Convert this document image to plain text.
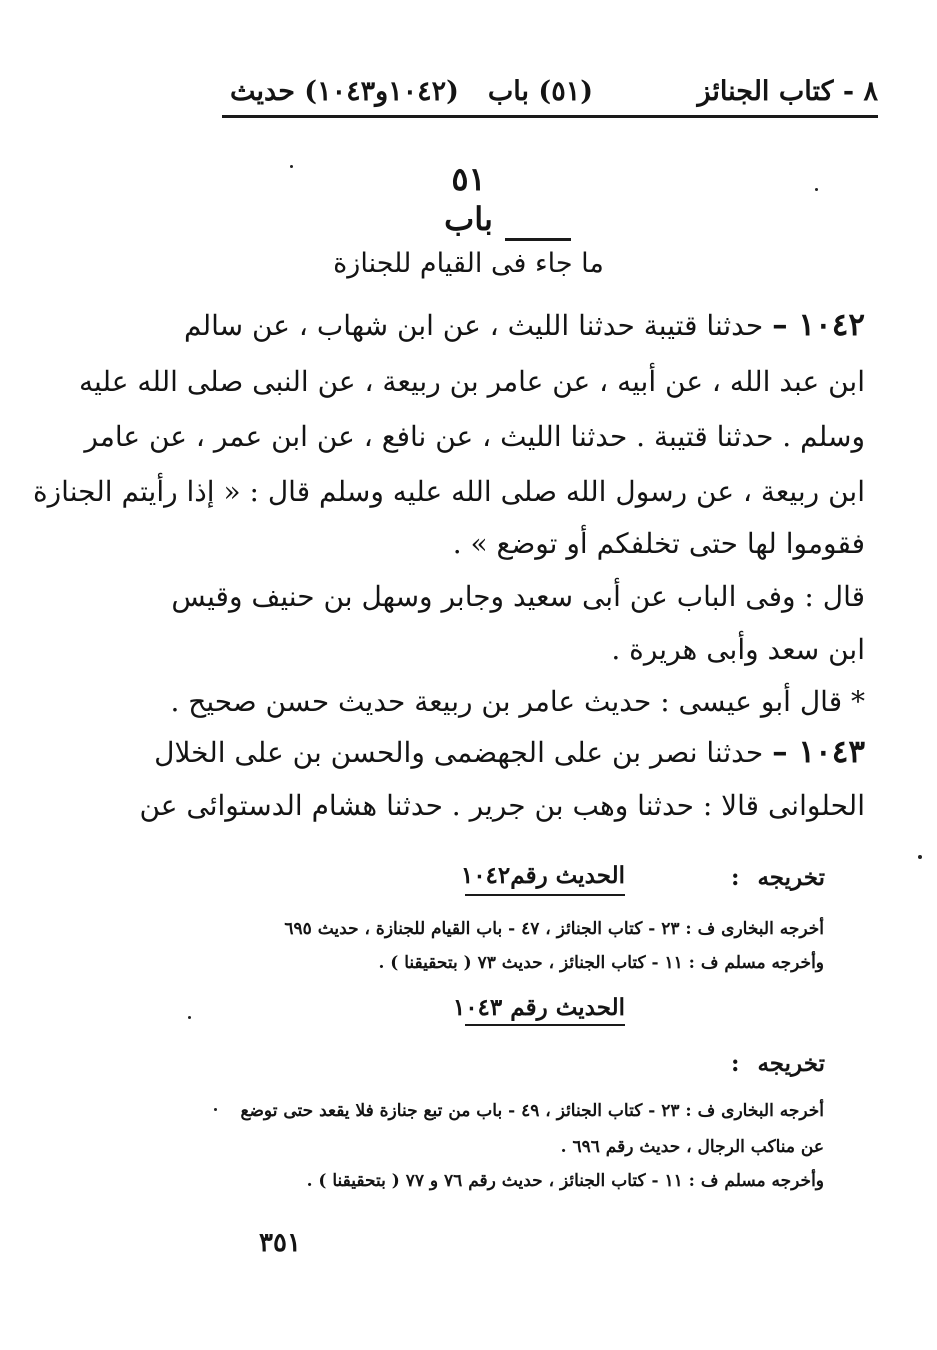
٨ - كتاب الجنائز
(٥١) باب
(١٠٤٢و١٠٤٣) حديث
٥١
باب
ما جاء فى القيام للجنازة
١٠٤٢ – حدثنا قتيبة حدثنا الليث ، عن ابن شهاب ، عن سالم
ابن عبد الله ، عن أبيه ، عن عامر بن ربيعة ، عن النبى صلى الله عليه
وسلم . حدثنا قتيبة . حدثنا الليث ، عن نافع ، عن ابن عمر ، عن عامر
ابن ربيعة ، عن رسول الله صلى الله عليه وسلم قال : « إذا رأيتم الجنازة
فقوموا لها حتى تخلفكم أو توضع » .
قال : وفى الباب عن أبى سعيد وجابر وسهل بن حنيف وقيس
ابن سعد وأبى هريرة .
* قال أبو عيسى : حديث عامر بن ربيعة حديث حسن صحيح .
١٠٤٣ – حدثنا نصر بن على الجهضمى والحسن بن على الخلال
الحلوانى قالا : حدثنا وهب بن جرير . حدثنا هشام الدستوائى عن
تخريجه:
الحديث رقم١٠٤٢
أخرجه البخارى ف : ٢٣ - كتاب الجنائز ، ٤٧ - باب القيام للجنازة ، حديث ٦٩٥
وأخرجه مسلم ف : ١١ - كتاب الجنائز ، حديث ٧٣ ( بتحقيقنا ) .
الحديث رقم ١٠٤٣
تخريجه:
أخرجه البخارى ف : ٢٣ - كتاب الجنائز ، ٤٩ - باب من تبع جنازة فلا يقعد حتى توضع
عن مناكب الرجال ، حديث رقم ٦٩٦ .
وأخرجه مسلم ف : ١١ - كتاب الجنائز ، حديث رقم ٧٦ و ٧٧ ( بتحقيقنا ) .
٣٥١
